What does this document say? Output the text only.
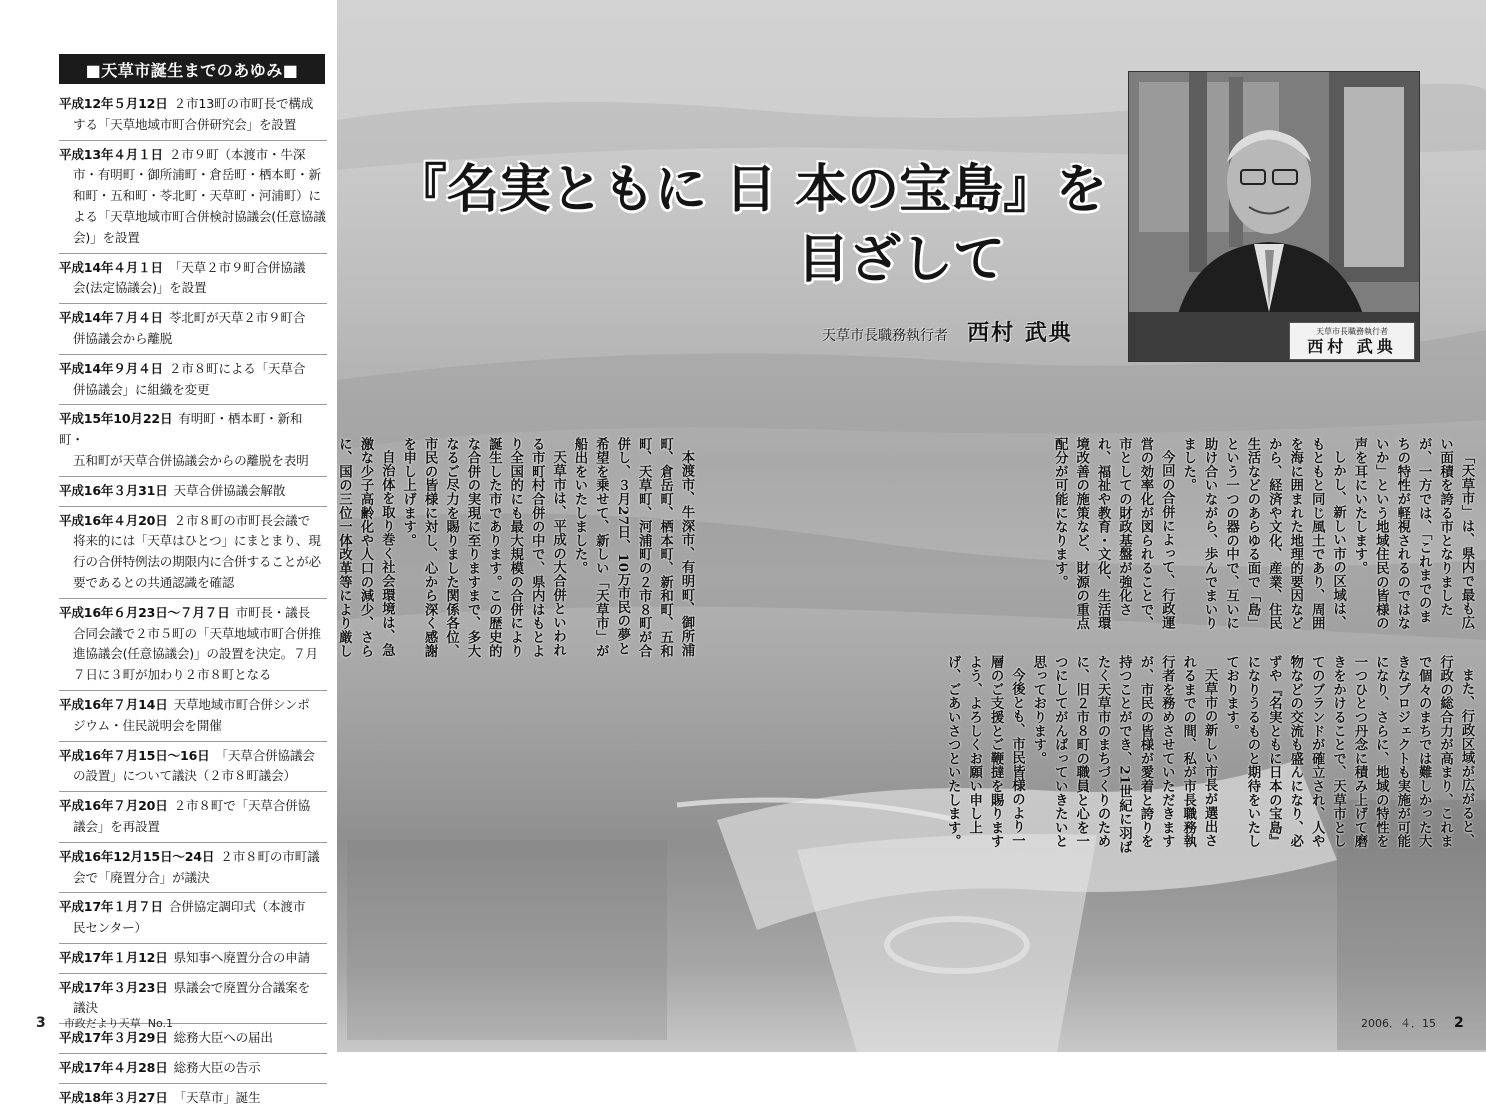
■天草市誕生までのあゆみ■
平成12年５月12日 ２市13町の市町長で構成
する「天草地域市町合併研究会」を設置
平成13年４月１日 ２市９町（本渡市・牛深
市・有明町・御所浦町・倉岳町・栖本町・新和町・五和町・苓北町・天草町・河浦町）による「天草地域市町合併検討協議会(任意協議会)」を設置
平成14年４月１日 「天草２市９町合併協議
会(法定協議会)」を設置
平成14年７月４日 苓北町が天草２市９町合
併協議会から離脱
平成14年９月４日 ２市８町による「天草合
併協議会」に組織を変更
平成15年10月22日 有明町・栖本町・新和町・
五和町が天草合併協議会からの離脱を表明
平成16年３月31日 天草合併協議会解散
平成16年４月20日 ２市８町の市町長会議で
将来的には「天草はひとつ」にまとまり、現行の合併特例法の期限内に合併することが必要であるとの共通認識を確認
平成16年６月23日～７月７日 市町長・議長
合同会議で２市５町の「天草地域市町合併推進協議会(任意協議会)」の設置を決定。７月７日に３町が加わり２市８町となる
平成16年７月14日 天草地域市町合併シンポ
ジウム・住民説明会を開催
平成16年７月15日～16日 「天草合併協議会
の設置」について議決（２市８町議会）
平成16年７月20日 ２市８町で「天草合併協
議会」を再設置
平成16年12月15日～24日 ２市８町の市町議
会で「廃置分合」が議決
平成17年１月７日 合併協定調印式（本渡市
民センター）
平成17年１月12日 県知事へ廃置分合の申請
平成17年３月23日 県議会で廃置分合議案を
議決
平成17年３月29日 総務大臣への届出
平成17年４月28日 総務大臣の告示
平成18年３月27日 「天草市」誕生
3 市政だより天草 No.1
『名実ともに 日 本の宝島』を
目ざして
天草市長職務執行者 西村 武典	天草市長職務執行者
西村 武典

本渡市、牛深市、有明町、御所浦町、倉岳町、栖本町、新和町、五和町、天草町、河浦町の２市８町が合併し、３月27日、10万市民の夢と希望を乗せて、新しい「天草市」が船出をいたしました。

天草市は、平成の大合併といわれる市町村合併の中で、県内はもとより全国的にも最大規模の合併により誕生した市であります。この歴史的な合併の実現に至りますまで、多大なるご尽力を賜りました関係各位、市民の皆様に対し、心から深く感謝を申し上げます。

自治体を取り巻く社会環境は、急激な少子高齢化や人口の減少、さらに、国の三位一体改革等により厳し

「天草市」は、県内で最も広い面積を誇る市となりましたが、一方では、「これまでのまちの特性が軽視されるのではないか」という地域住民の皆様の声を耳にいたします。

しかし、新しい市の区域は、もともと同じ風土であり、周囲を海に囲まれた地理的要因などから、経済や文化、産業、住民生活などのあらゆる面で「島」という一つの器の中で、互いに助け合いながら、歩んでまいりました。

今回の合併によって、行政運営の効率化が図られることで、市としての財政基盤が強化され、福祉や教育・文化、生活環境改善の施策など、財源の重点配分が可能になります。

また、行政区域が広がると、行政の総合力が高まり、これまで個々のまちでは難しかった大きなプロジェクトも実施が可能になり、さらに、地域の特性を一つひとつ丹念に積み上げて磨きをかけることで、天草市としてのブランドが確立され、人や物などの交流も盛んになり、必ずや『名実ともに日本の宝島』になりうるものと期待をいたしております。

天草市の新しい市長が選出されるまでの間、私が市長職務執行者を務めさせていただきますが、市民の皆様が愛着と誇りを持つことができ、21世紀に羽ばたく天草市のまちづくりのために、旧２市８町の職員と心を一つにしてがんばっていきたいと思っております。

今後とも、市民皆様のより一層のご支援とご鞭撻を賜りますよう、よろしくお願い申し上げ、ごあいさつといたします。

2006．４．15 2
